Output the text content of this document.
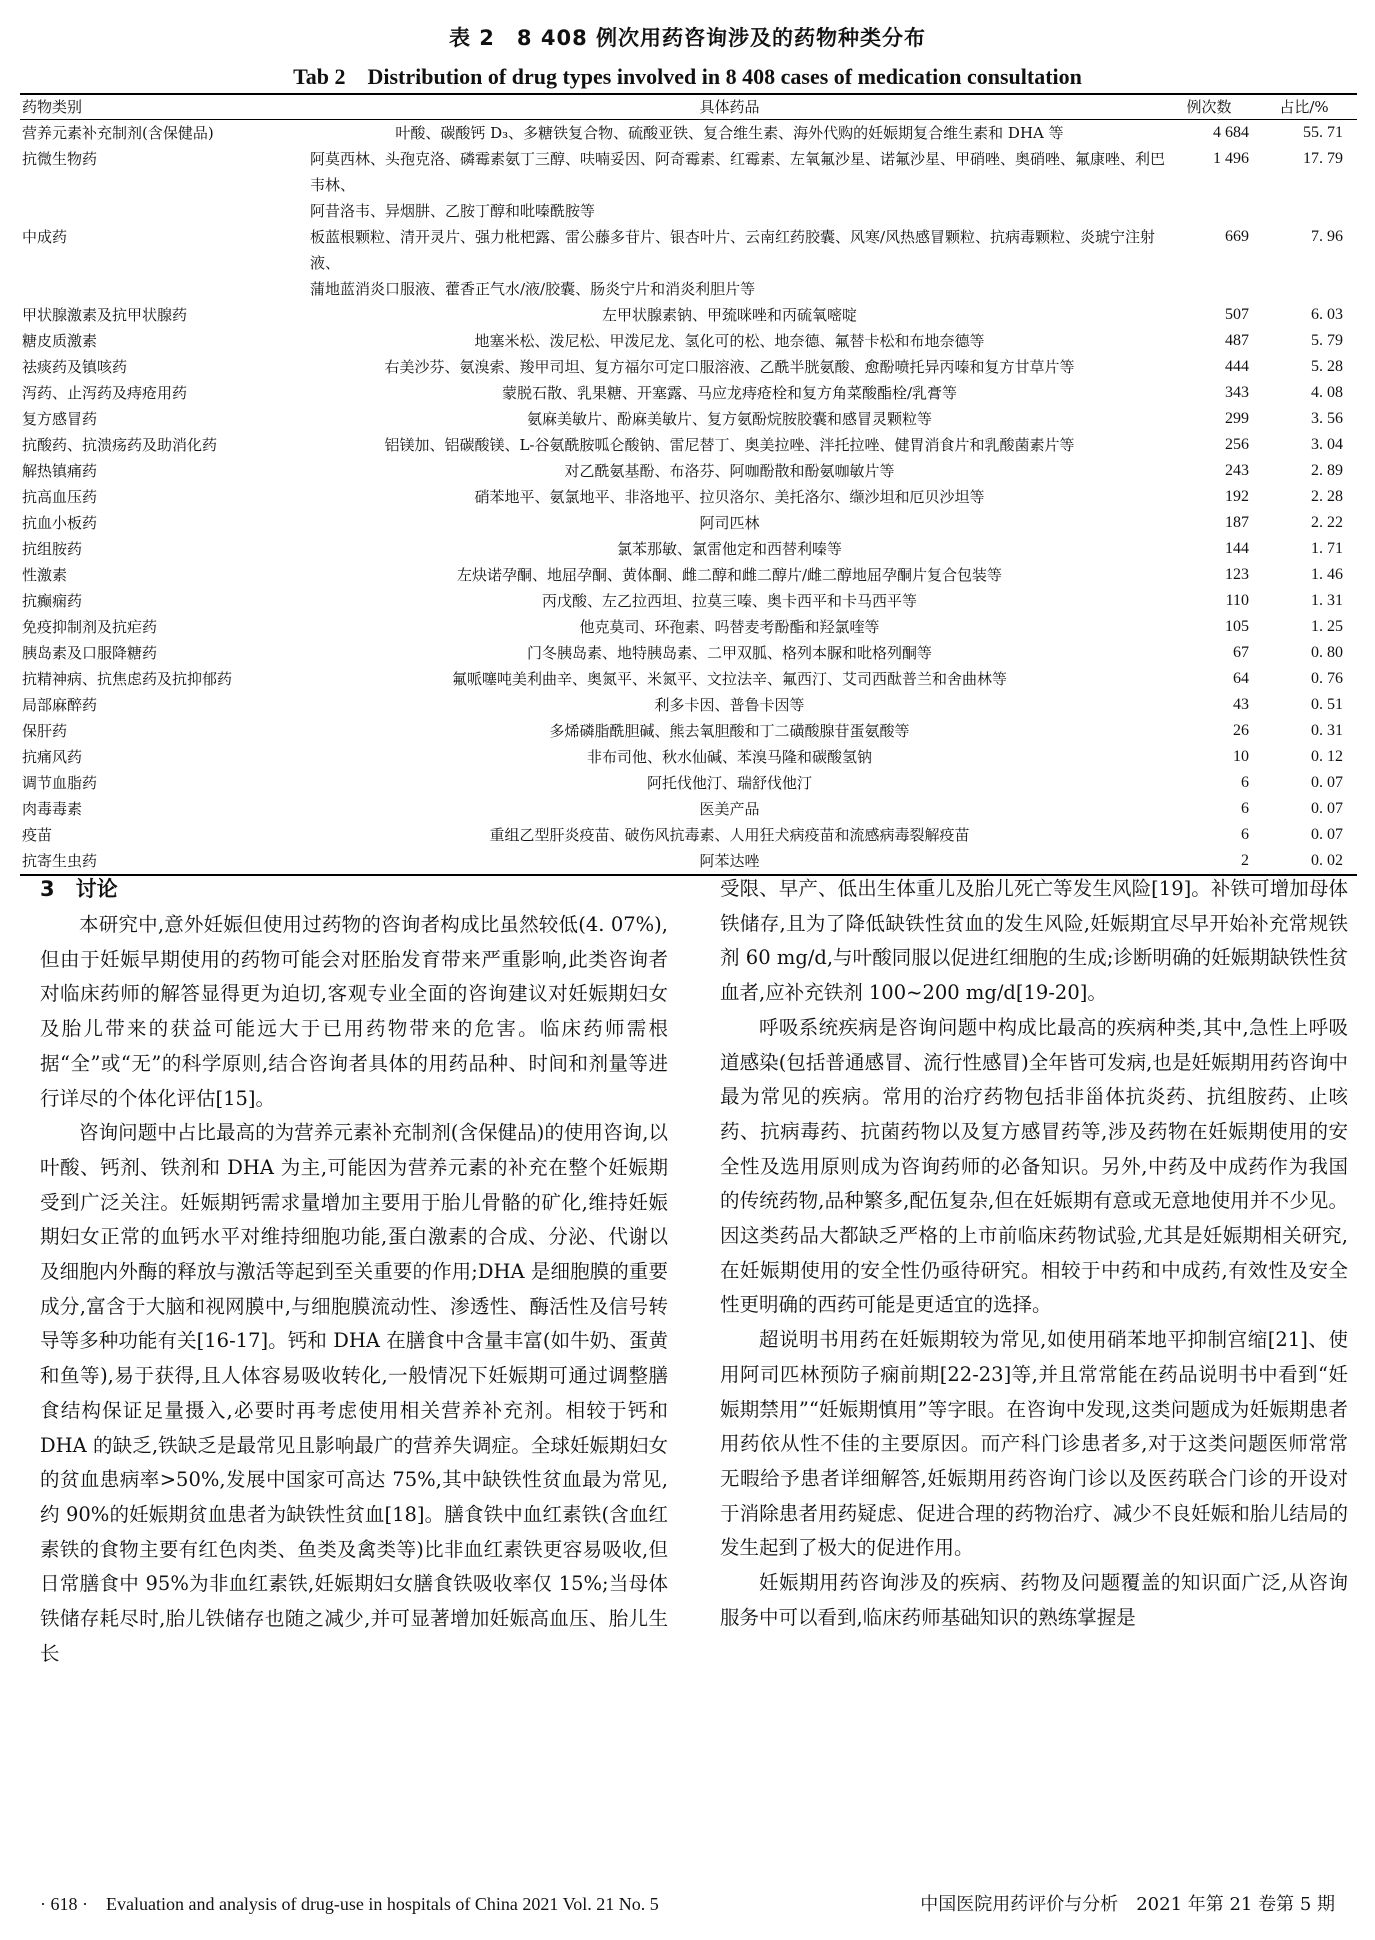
表 2　8 408 例次用药咨询涉及的药物种类分布
Tab 2　Distribution of drug types involved in 8 408 cases of medication consultation
药物类别	具体药品	例次数	占比/%
营养元素补充制剂(含保健品)	叶酸、碳酸钙 D₃、多糖铁复合物、硫酸亚铁、复合维生素、海外代购的妊娠期复合维生素和 DHA 等	4 684	55. 71
抗微生物药	阿莫西林、头孢克洛、磷霉素氨丁三醇、呋喃妥因、阿奇霉素、红霉素、左氧氟沙星、诺氟沙星、甲硝唑、奥硝唑、氟康唑、利巴韦林、
阿昔洛韦、异烟肼、乙胺丁醇和吡嗪酰胺等	1 496	17. 79
中成药	板蓝根颗粒、清开灵片、强力枇杷露、雷公藤多苷片、银杏叶片、云南红药胶囊、风寒/风热感冒颗粒、抗病毒颗粒、炎琥宁注射液、
蒲地蓝消炎口服液、藿香正气水/液/胶囊、肠炎宁片和消炎利胆片等	669	7. 96
甲状腺激素及抗甲状腺药	左甲状腺素钠、甲巯咪唑和丙硫氧嘧啶	507	6. 03
糖皮质激素	地塞米松、泼尼松、甲泼尼龙、氢化可的松、地奈德、氟替卡松和布地奈德等	487	5. 79
祛痰药及镇咳药	右美沙芬、氨溴索、羧甲司坦、复方福尔可定口服溶液、乙酰半胱氨酸、愈酚喷托异丙嗪和复方甘草片等	444	5. 28
泻药、止泻药及痔疮用药	蒙脱石散、乳果糖、开塞露、马应龙痔疮栓和复方角菜酸酯栓/乳膏等	343	4. 08
复方感冒药	氨麻美敏片、酚麻美敏片、复方氨酚烷胺胶囊和感冒灵颗粒等	299	3. 56
抗酸药、抗溃疡药及助消化药	铝镁加、铝碳酸镁、L-谷氨酰胺呱仑酸钠、雷尼替丁、奥美拉唑、泮托拉唑、健胃消食片和乳酸菌素片等	256	3. 04
解热镇痛药	对乙酰氨基酚、布洛芬、阿咖酚散和酚氨咖敏片等	243	2. 89
抗高血压药	硝苯地平、氨氯地平、非洛地平、拉贝洛尔、美托洛尔、缬沙坦和厄贝沙坦等	192	2. 28
抗血小板药	阿司匹林	187	2. 22
抗组胺药	氯苯那敏、氯雷他定和西替利嗪等	144	1. 71
性激素	左炔诺孕酮、地屈孕酮、黄体酮、雌二醇和雌二醇片/雌二醇地屈孕酮片复合包装等	123	1. 46
抗癫痫药	丙戊酸、左乙拉西坦、拉莫三嗪、奥卡西平和卡马西平等	110	1. 31
免疫抑制剂及抗疟药	他克莫司、环孢素、吗替麦考酚酯和羟氯喹等	105	1. 25
胰岛素及口服降糖药	门冬胰岛素、地特胰岛素、二甲双胍、格列本脲和吡格列酮等	67	0. 80
抗精神病、抗焦虑药及抗抑郁药	氟哌噻吨美利曲辛、奥氮平、米氮平、文拉法辛、氟西汀、艾司西酞普兰和舍曲林等	64	0. 76
局部麻醉药	利多卡因、普鲁卡因等	43	0. 51
保肝药	多烯磷脂酰胆碱、熊去氧胆酸和丁二磺酸腺苷蛋氨酸等	26	0. 31
抗痛风药	非布司他、秋水仙碱、苯溴马隆和碳酸氢钠	10	0. 12
调节血脂药	阿托伐他汀、瑞舒伐他汀	6	0. 07
肉毒毒素	医美产品	6	0. 07
疫苗	重组乙型肝炎疫苗、破伤风抗毒素、人用狂犬病疫苗和流感病毒裂解疫苗	6	0. 07
抗寄生虫药	阿苯达唑	2	0. 02
3　讨论

本研究中,意外妊娠但使用过药物的咨询者构成比虽然较低(4. 07%),但由于妊娠早期使用的药物可能会对胚胎发育带来严重影响,此类咨询者对临床药师的解答显得更为迫切,客观专业全面的咨询建议对妊娠期妇女及胎儿带来的获益可能远大于已用药物带来的危害。临床药师需根据“全”或“无”的科学原则,结合咨询者具体的用药品种、时间和剂量等进行详尽的个体化评估[15]。

咨询问题中占比最高的为营养元素补充制剂(含保健品)的使用咨询,以叶酸、钙剂、铁剂和 DHA 为主,可能因为营养元素的补充在整个妊娠期受到广泛关注。妊娠期钙需求量增加主要用于胎儿骨骼的矿化,维持妊娠期妇女正常的血钙水平对维持细胞功能,蛋白激素的合成、分泌、代谢以及细胞内外酶的释放与激活等起到至关重要的作用;DHA 是细胞膜的重要成分,富含于大脑和视网膜中,与细胞膜流动性、渗透性、酶活性及信号转导等多种功能有关[16-17]。钙和 DHA 在膳食中含量丰富(如牛奶、蛋黄和鱼等),易于获得,且人体容易吸收转化,一般情况下妊娠期可通过调整膳食结构保证足量摄入,必要时再考虑使用相关营养补充剂。相较于钙和 DHA 的缺乏,铁缺乏是最常见且影响最广的营养失调症。全球妊娠期妇女的贫血患病率>50%,发展中国家可高达 75%,其中缺铁性贫血最为常见,约 90%的妊娠期贫血患者为缺铁性贫血[18]。膳食铁中血红素铁(含血红素铁的食物主要有红色肉类、鱼类及禽类等)比非血红素铁更容易吸收,但日常膳食中 95%为非血红素铁,妊娠期妇女膳食铁吸收率仅 15%;当母体铁储存耗尽时,胎儿铁储存也随之减少,并可显著增加妊娠高血压、胎儿生长

受限、早产、低出生体重儿及胎儿死亡等发生风险[19]。补铁可增加母体铁储存,且为了降低缺铁性贫血的发生风险,妊娠期宜尽早开始补充常规铁剂 60 mg/d,与叶酸同服以促进红细胞的生成;诊断明确的妊娠期缺铁性贫血者,应补充铁剂 100~200 mg/d[19-20]。

呼吸系统疾病是咨询问题中构成比最高的疾病种类,其中,急性上呼吸道感染(包括普通感冒、流行性感冒)全年皆可发病,也是妊娠期用药咨询中最为常见的疾病。常用的治疗药物包括非甾体抗炎药、抗组胺药、止咳药、抗病毒药、抗菌药物以及复方感冒药等,涉及药物在妊娠期使用的安全性及选用原则成为咨询药师的必备知识。另外,中药及中成药作为我国的传统药物,品种繁多,配伍复杂,但在妊娠期有意或无意地使用并不少见。因这类药品大都缺乏严格的上市前临床药物试验,尤其是妊娠期相关研究,在妊娠期使用的安全性仍亟待研究。相较于中药和中成药,有效性及安全性更明确的西药可能是更适宜的选择。

超说明书用药在妊娠期较为常见,如使用硝苯地平抑制宫缩[21]、使用阿司匹林预防子痫前期[22-23]等,并且常常能在药品说明书中看到“妊娠期禁用”“妊娠期慎用”等字眼。在咨询中发现,这类问题成为妊娠期患者用药依从性不佳的主要原因。而产科门诊患者多,对于这类问题医师常常无暇给予患者详细解答,妊娠期用药咨询门诊以及医药联合门诊的开设对于消除患者用药疑虑、促进合理的药物治疗、减少不良妊娠和胎儿结局的发生起到了极大的促进作用。

妊娠期用药咨询涉及的疾病、药物及问题覆盖的知识面广泛,从咨询服务中可以看到,临床药师基础知识的熟练掌握是

· 618 ·　Evaluation and analysis of drug-use in hospitals of China 2021 Vol. 21 No. 5	中国医院用药评价与分析　2021 年第 21 卷第 5 期
